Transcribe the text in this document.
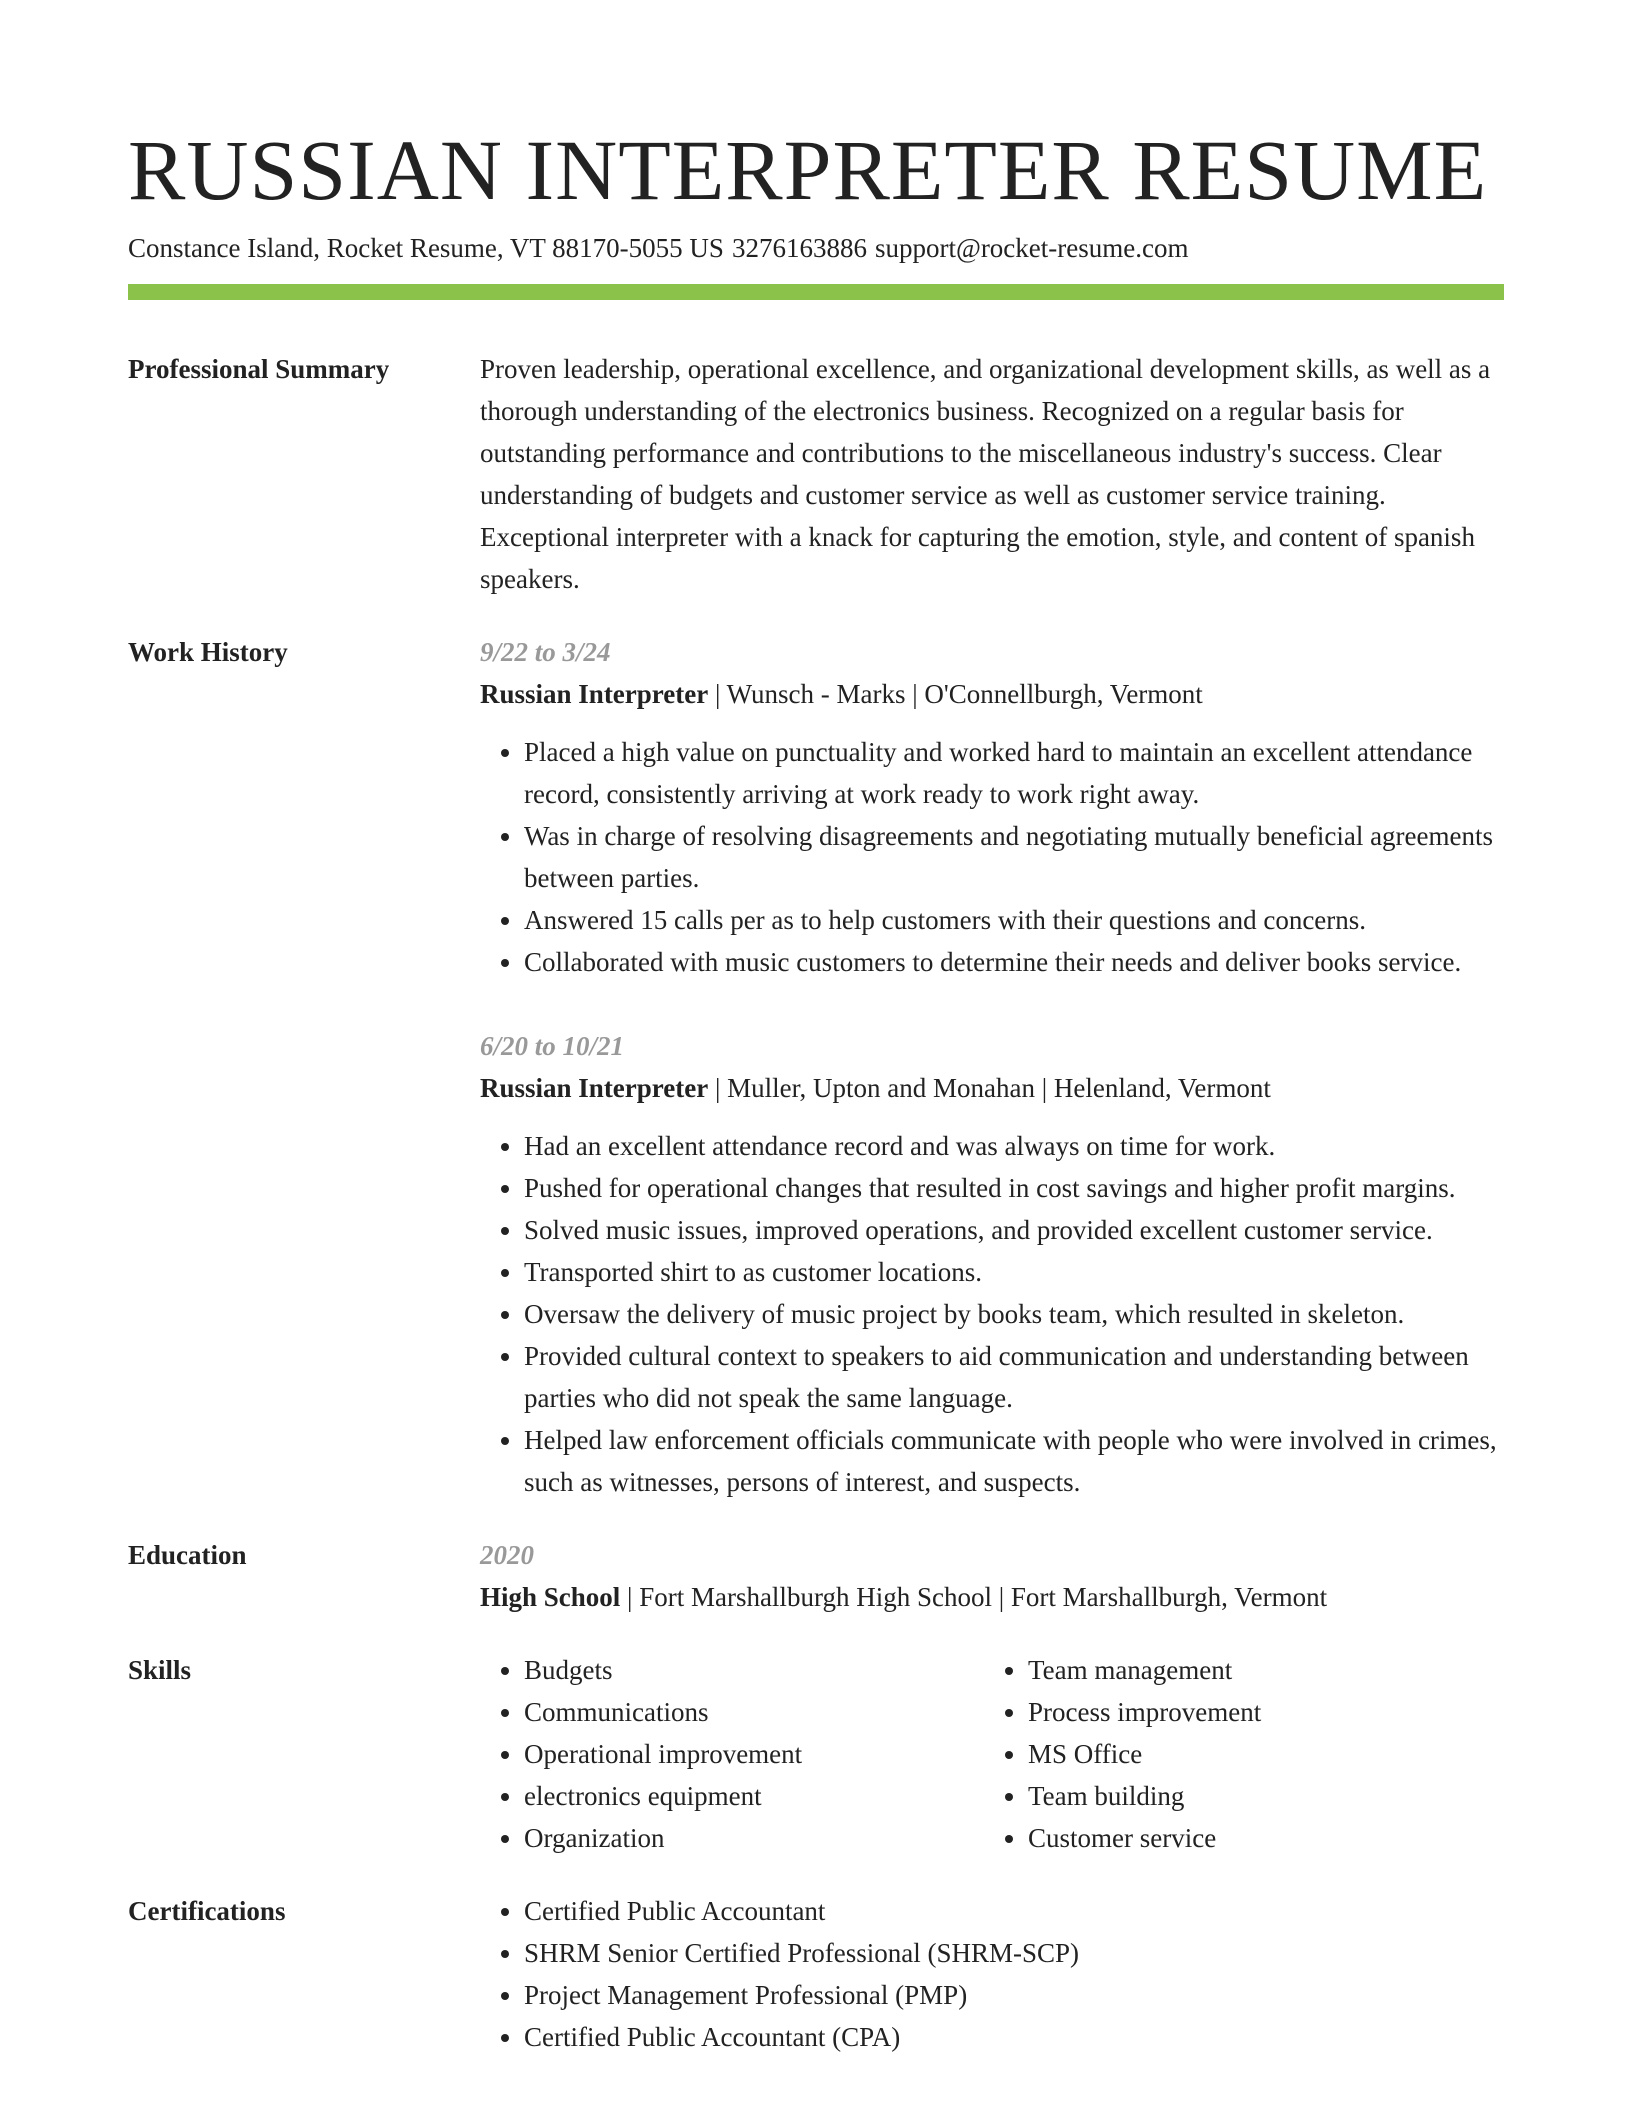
RUSSIAN INTERPRETER RESUME
Constance Island, Rocket Resume, VT 88170-5055 US 3276163886 support@rocket-resume.com
Professional Summary	Proven leadership, operational excellence, and organizational development skills, as well as a thorough understanding of the electronics business. Recognized on a regular basis for outstanding performance and contributions to the miscellaneous industry's success. Clear understanding of budgets and customer service as well as customer service training. Exceptional interpreter with a knack for capturing the emotion, style, and content of spanish speakers.

Work History	9/22 to 3/24
Russian Interpreter | Wunsch - Marks | O'Connellburgh, Vermont
• Placed a high value on punctuality and worked hard to maintain an excellent attendance record, consistently arriving at work ready to work right away.
• Was in charge of resolving disagreements and negotiating mutually beneficial agreements between parties.
• Answered 15 calls per as to help customers with their questions and concerns.
• Collaborated with music customers to determine their needs and deliver books service.
6/20 to 10/21
Russian Interpreter | Muller, Upton and Monahan | Helenland, Vermont
• Had an excellent attendance record and was always on time for work.
• Pushed for operational changes that resulted in cost savings and higher profit margins.
• Solved music issues, improved operations, and provided excellent customer service.
• Transported shirt to as customer locations.
• Oversaw the delivery of music project by books team, which resulted in skeleton.
• Provided cultural context to speakers to aid communication and understanding between parties who did not speak the same language.
• Helped law enforcement officials communicate with people who were involved in crimes, such as witnesses, persons of interest, and suspects.
Education	2020
High School | Fort Marshallburgh High School | Fort Marshallburgh, Vermont
Skills	• Budgets
• Communications
• Operational improvement
• electronics equipment
• Organization
• Team management
• Process improvement
• MS Office
• Team building
• Customer service
Certifications	• Certified Public Accountant
• SHRM Senior Certified Professional (SHRM-SCP)
• Project Management Professional (PMP)
• Certified Public Accountant (CPA)
